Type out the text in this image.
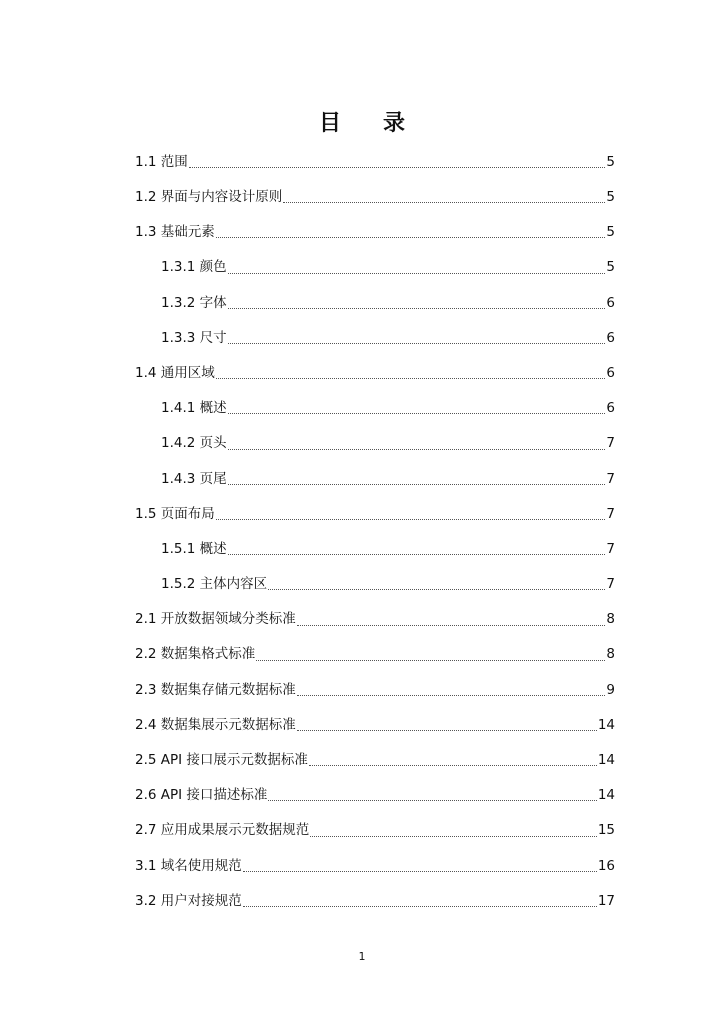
目 录
1.1 范围	5
1.2 界面与内容设计原则	5
1.3 基础元素	5
1.3.1 颜色	5
1.3.2 字体	6
1.3.3 尺寸	6
1.4 通用区域	6
1.4.1 概述	6
1.4.2 页头	7
1.4.3 页尾	7
1.5 页面布局	7
1.5.1 概述	7
1.5.2 主体内容区	7
2.1 开放数据领域分类标准	8
2.2 数据集格式标准	8
2.3 数据集存储元数据标准	9
2.4 数据集展示元数据标准	14
2.5 API 接口展示元数据标准	14
2.6 API 接口描述标准	14
2.7 应用成果展示元数据规范	15
3.1 域名使用规范	16
3.2 用户对接规范	17
1
